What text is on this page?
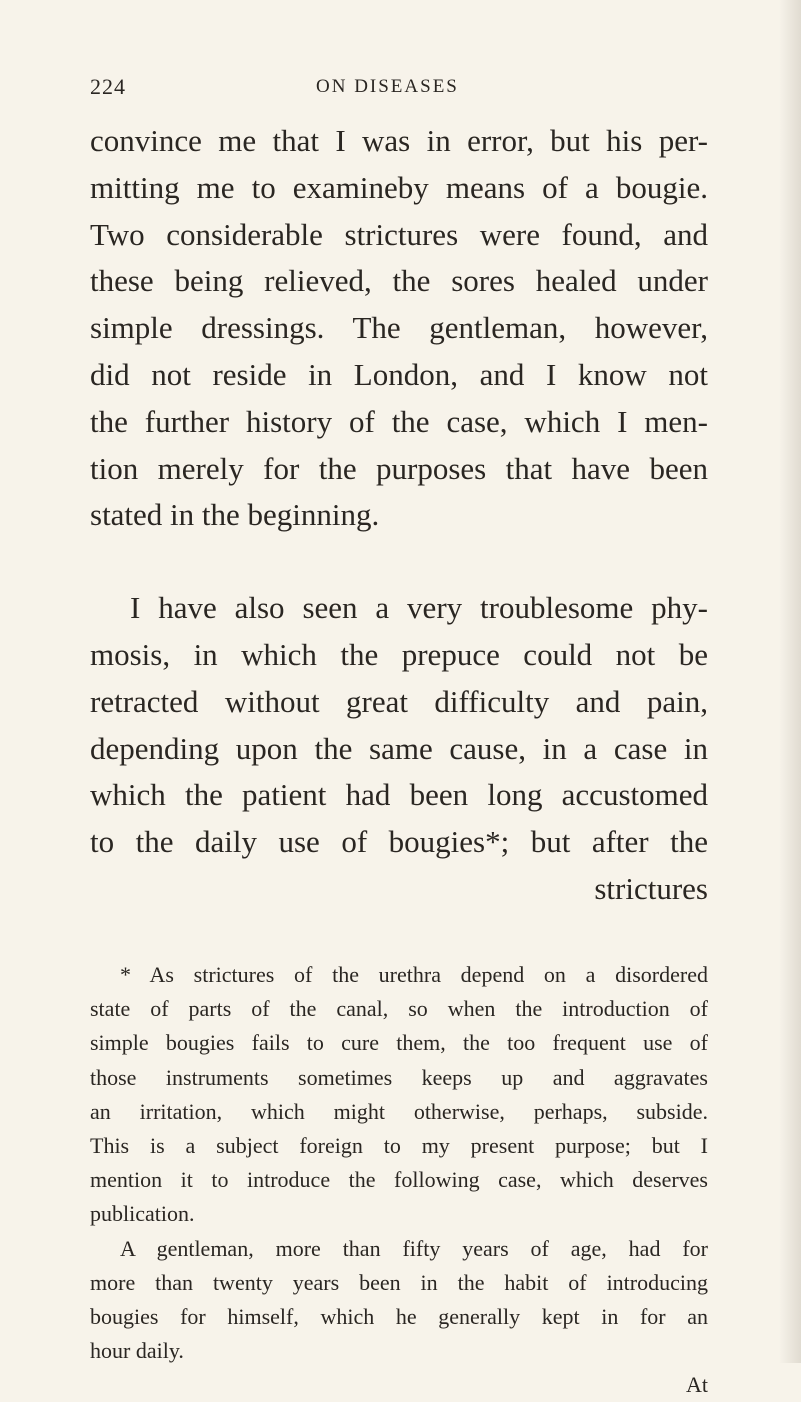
224	ON DISEASES
convince me that I was in error, but his per-
mitting me to examineby means of a bougie.
Two considerable strictures were found, and
these being relieved, the sores healed under
simple dressings. The gentleman, however,
did not reside in London, and I know not
the further history of the case, which I men-
tion merely for the purposes that have been
stated in the beginning.
I have also seen a very troublesome phy-
mosis, in which the prepuce could not be
retracted without great difficulty and pain,
depending upon the same cause, in a case in
which the patient had been long accustomed
to the daily use of bougies*; but after the
strictures
* As strictures of the urethra depend on a disordered
state of parts of the canal, so when the introduction of
simple bougies fails to cure them, the too frequent use of
those instruments sometimes keeps up and aggravates
an irritation, which might otherwise, perhaps, subside.
This is a subject foreign to my present purpose; but I
mention it to introduce the following case, which deserves
publication.
A gentleman, more than fifty years of age, had for
more than twenty years been in the habit of introducing
bougies for himself, which he generally kept in for an
hour daily.
At
